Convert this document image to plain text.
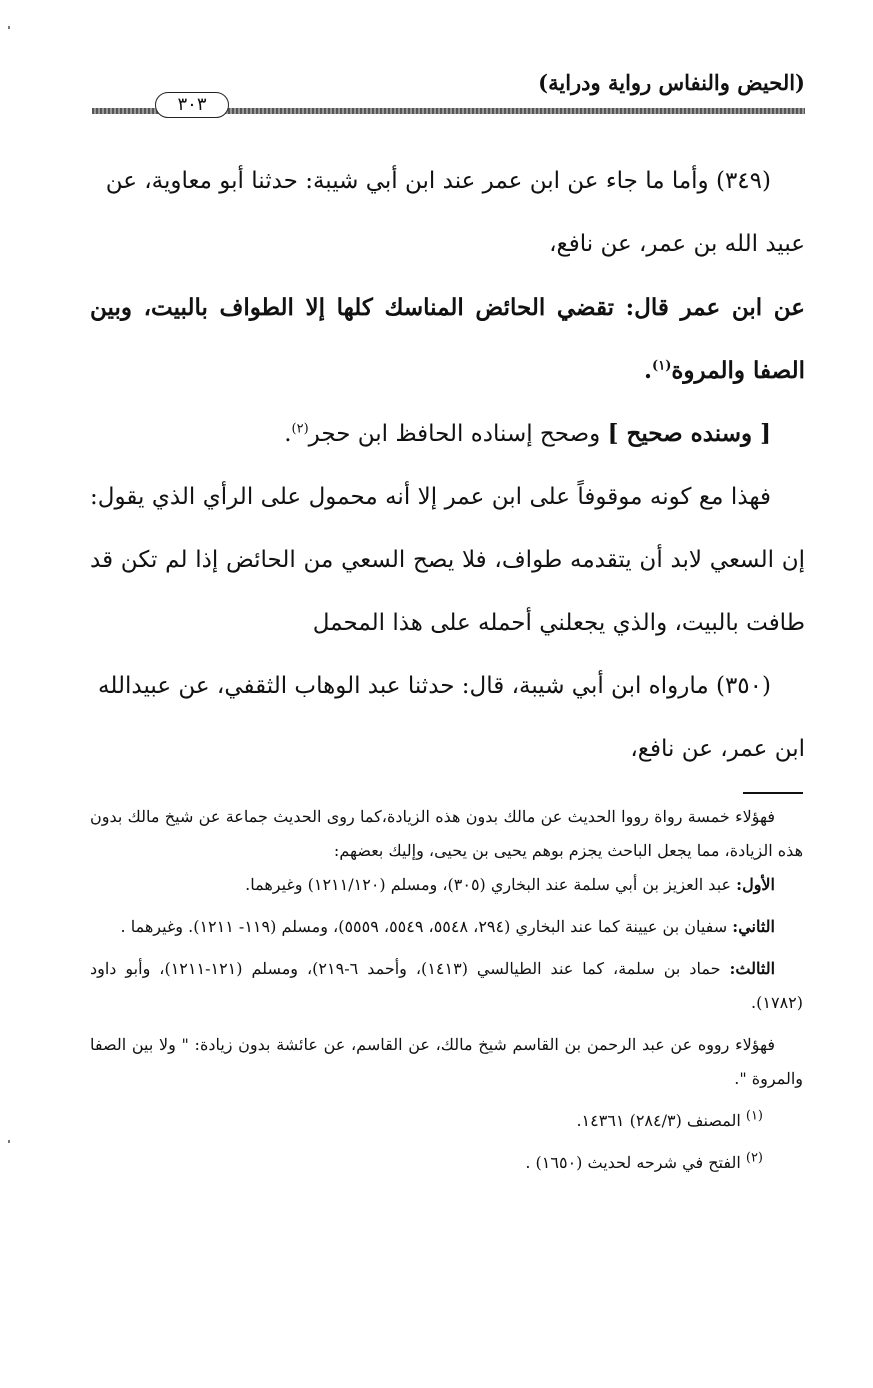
(الحيض والنفاس رواية ودراية)
٣٠٣

(٣٤٩) وأما ما جاء عن ابن عمر عند ابن أبي شيبة: حدثنا أبو معاوية، عن
عبيد الله بن عمر، عن نافع،

عن ابن عمر قال: تقضي الحائض المناسك كلها إلا الطواف بالبيت، وبين الصفا والمروة$^{(١)}$.

[ وسنده صحيح ] وصحح إسناده الحافظ ابن حجر$^{(٢)}$.

فهذا مع كونه موقوفاً على ابن عمر إلا أنه محمول على الرأي الذي يقول: إن السعي لابد أن يتقدمه طواف، فلا يصح السعي من الحائض إذا لم تكن قد طافت بالبيت، والذي يجعلني أحمله على هذا المحمل

(٣٥٠) مارواه ابن أبي شيبة، قال: حدثنا عبد الوهاب الثقفي، عن عبيدالله
ابن عمر، عن نافع،

فهؤلاء خمسة رواة رووا الحديث عن مالك بدون هذه الزيادة،كما روى الحديث جماعة عن شيخ مالك بدون هذه الزيادة، مما يجعل الباحث يجزم بوهم يحيى بن يحيى، وإليك بعضهم:

الأول: عبد العزيز بن أبي سلمة عند البخاري (٣٠٥)، ومسلم (١٢١١/١٢٠) وغيرهما.

الثاني: سفيان بن عيينة كما عند البخاري (٢٩٤، ٥٥٤٨، ٥٥٤٩، ٥٥٥٩)، ومسلم (١١٩- ١٢١١). وغيرهما .

الثالث: حماد بن سلمة، كما عند الطيالسي (١٤١٣)، وأحمد ٦-٢١٩)، ومسلم (١٢١-١٢١١)، وأبو داود (١٧٨٢).

فهؤلاء رووه عن عبد الرحمن بن القاسم شيخ مالك، عن القاسم، عن عائشة بدون زيادة: " ولا بين الصفا والمروة ".

$^{(١)}$ المصنف (٢٨٤/٣) ١٤٣٦١.

$^{(٢)}$ الفتح في شرحه لحديث (١٦٥٠) .
